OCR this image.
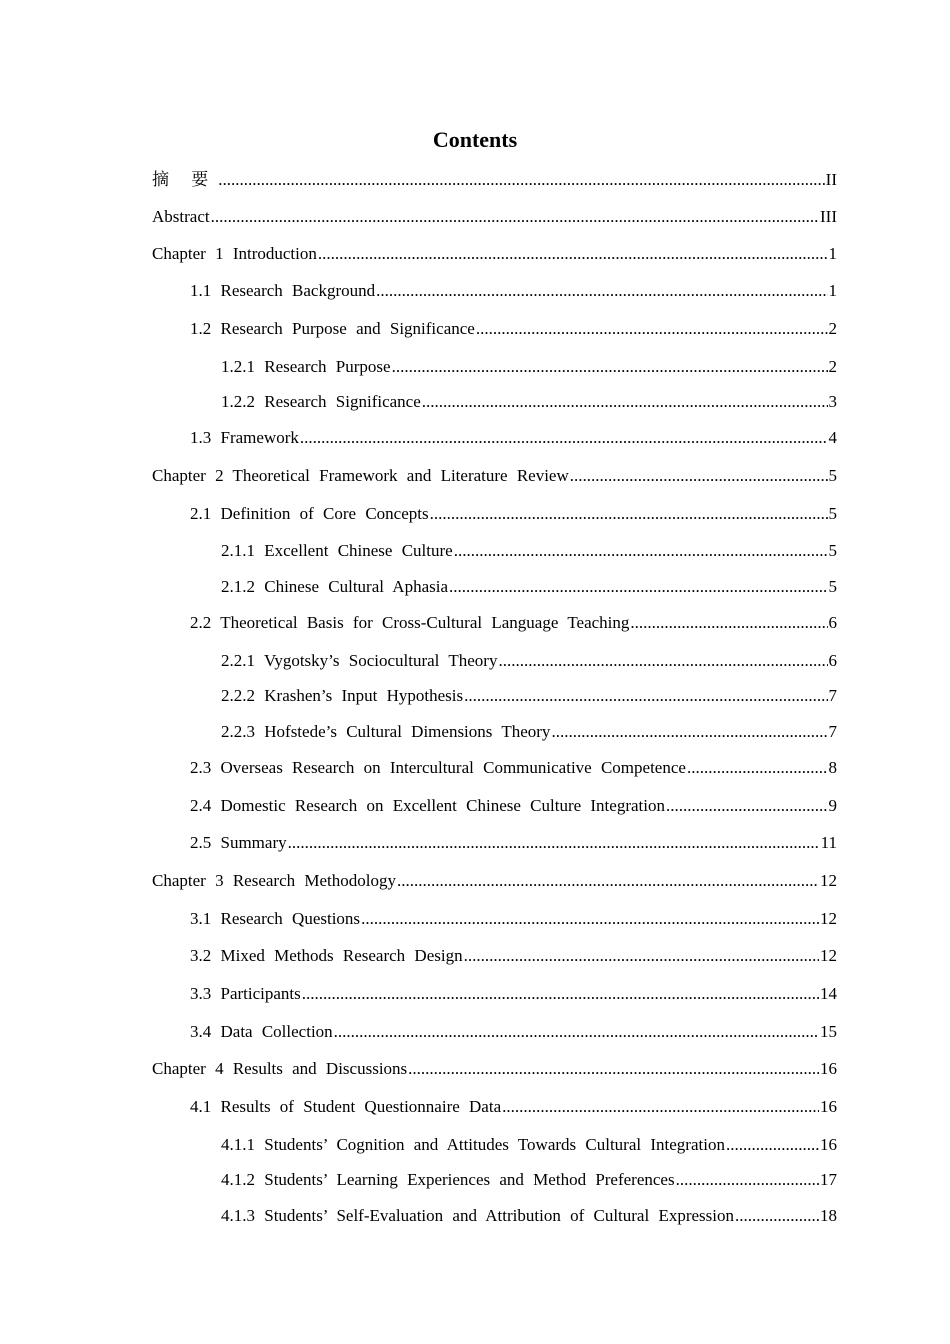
Contents
摘 要 .....	II
Abstract .....	III
Chapter 1 Introduction .....	1
1.1 Research Background .....	1
1.2 Research Purpose and Significance .....	2
1.2.1 Research Purpose .....	2
1.2.2 Research Significance .....	3
1.3 Framework .....	4
Chapter 2 Theoretical Framework and Literature Review .....	5
2.1 Definition of Core Concepts .....	5
2.1.1 Excellent Chinese Culture .....	5
2.1.2 Chinese Cultural Aphasia .....	5
2.2 Theoretical Basis for Cross-Cultural Language Teaching .....	6
2.2.1 Vygotsky’s Sociocultural Theory .....	6
2.2.2 Krashen’s Input Hypothesis .....	7
2.2.3 Hofstede’s Cultural Dimensions Theory .....	7
2.3 Overseas Research on Intercultural Communicative Competence .....	8
2.4 Domestic Research on Excellent Chinese Culture Integration .....	9
2.5 Summary .....	11
Chapter 3 Research Methodology .....	12
3.1 Research Questions .....	12
3.2 Mixed Methods Research Design .....	12
3.3 Participants .....	14
3.4 Data Collection .....	15
Chapter 4 Results and Discussions .....	16
4.1 Results of Student Questionnaire Data .....	16
4.1.1 Students’ Cognition and Attitudes Towards Cultural Integration .....	16
4.1.2 Students’ Learning Experiences and Method Preferences .....	17
4.1.3 Students’ Self-Evaluation and Attribution of Cultural Expression .....	18
